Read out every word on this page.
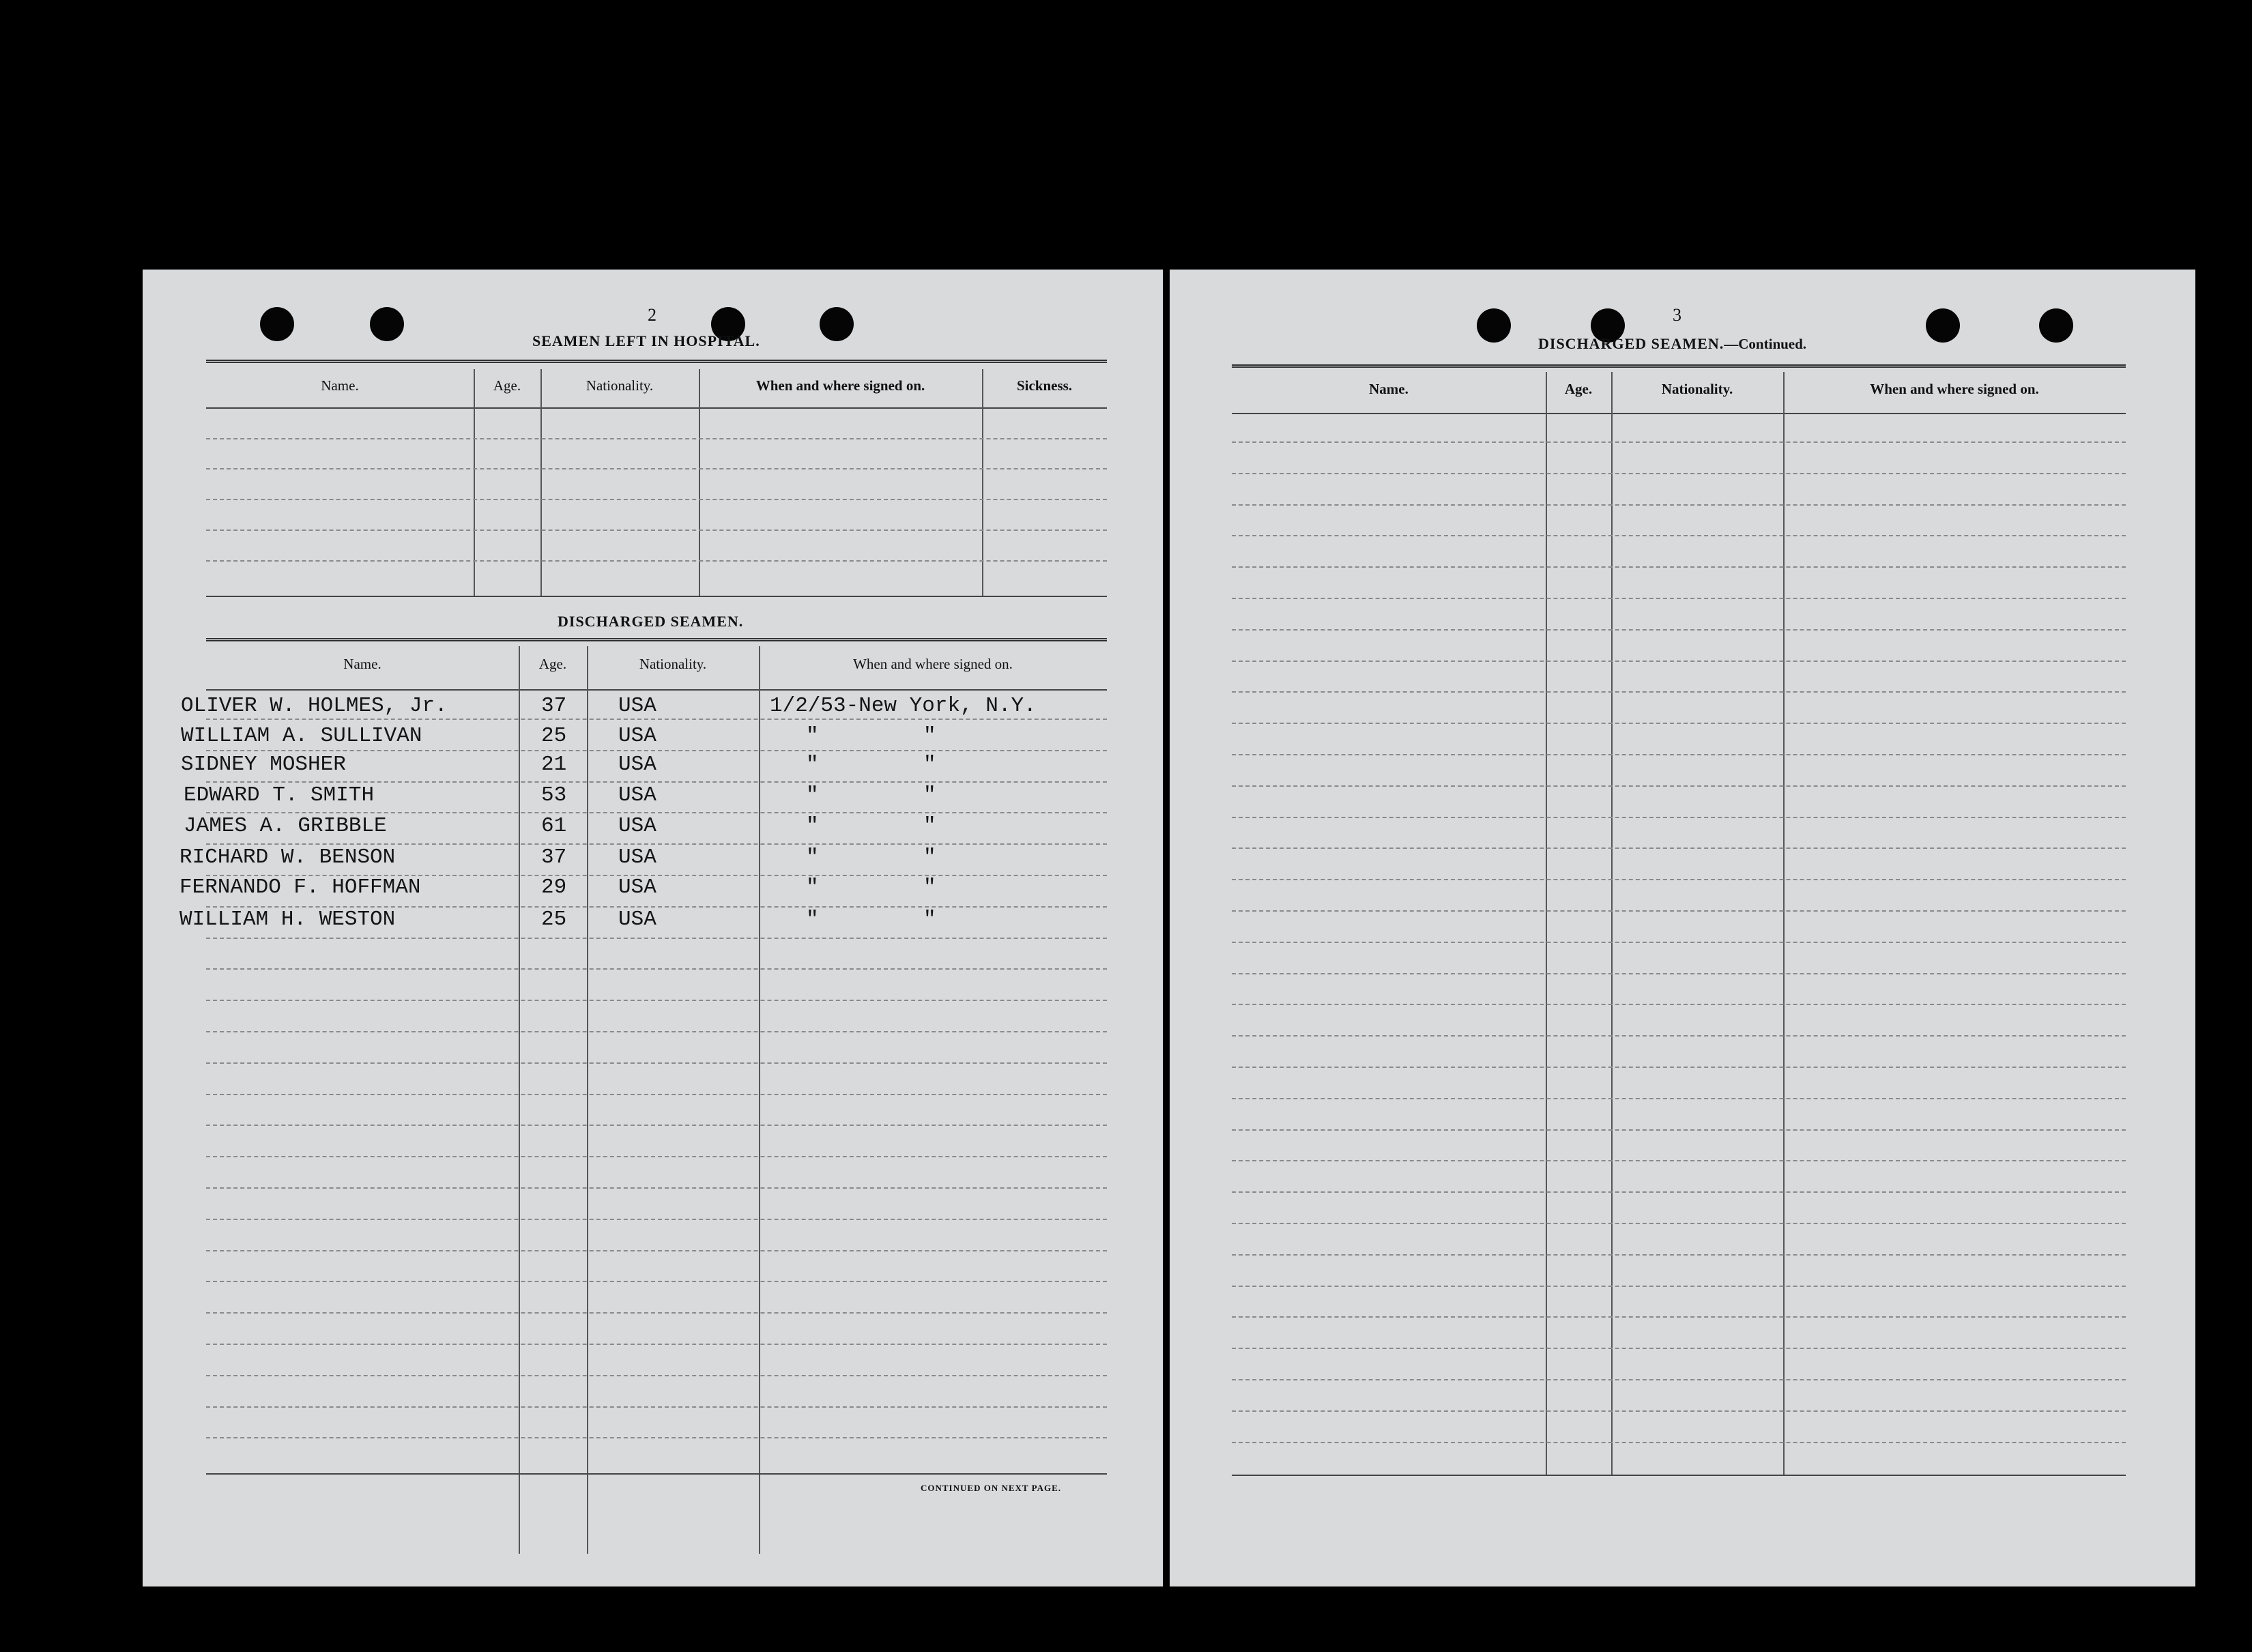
2
SEAMEN LEFT IN HOSPITAL.
Name.	Age.	Nationality.	When and where signed on.	Sickness.
DISCHARGED SEAMEN.
Name.	Age.	Nationality.	When and where signed on.
OLIVER W. HOLMES, Jr.	37 USA	1/2/53-New York, N.Y.
WILLIAM A. SULLIVAN	25 USA	"	"
SIDNEY MOSHER	21 USA	"	"
EDWARD T. SMITH	53 USA	"	"
JAMES A. GRIBBLE	61 USA	"	"
RICHARD W. BENSON	37 USA	"	"
FERNANDO F. HOFFMAN	29 USA	"	"
WILLIAM H. WESTON	25 USA	"	"
CONTINUED ON NEXT PAGE.
3
DISCHARGED SEAMEN.—Continued.
Name.	Age.	Nationality.	When and where signed on.
